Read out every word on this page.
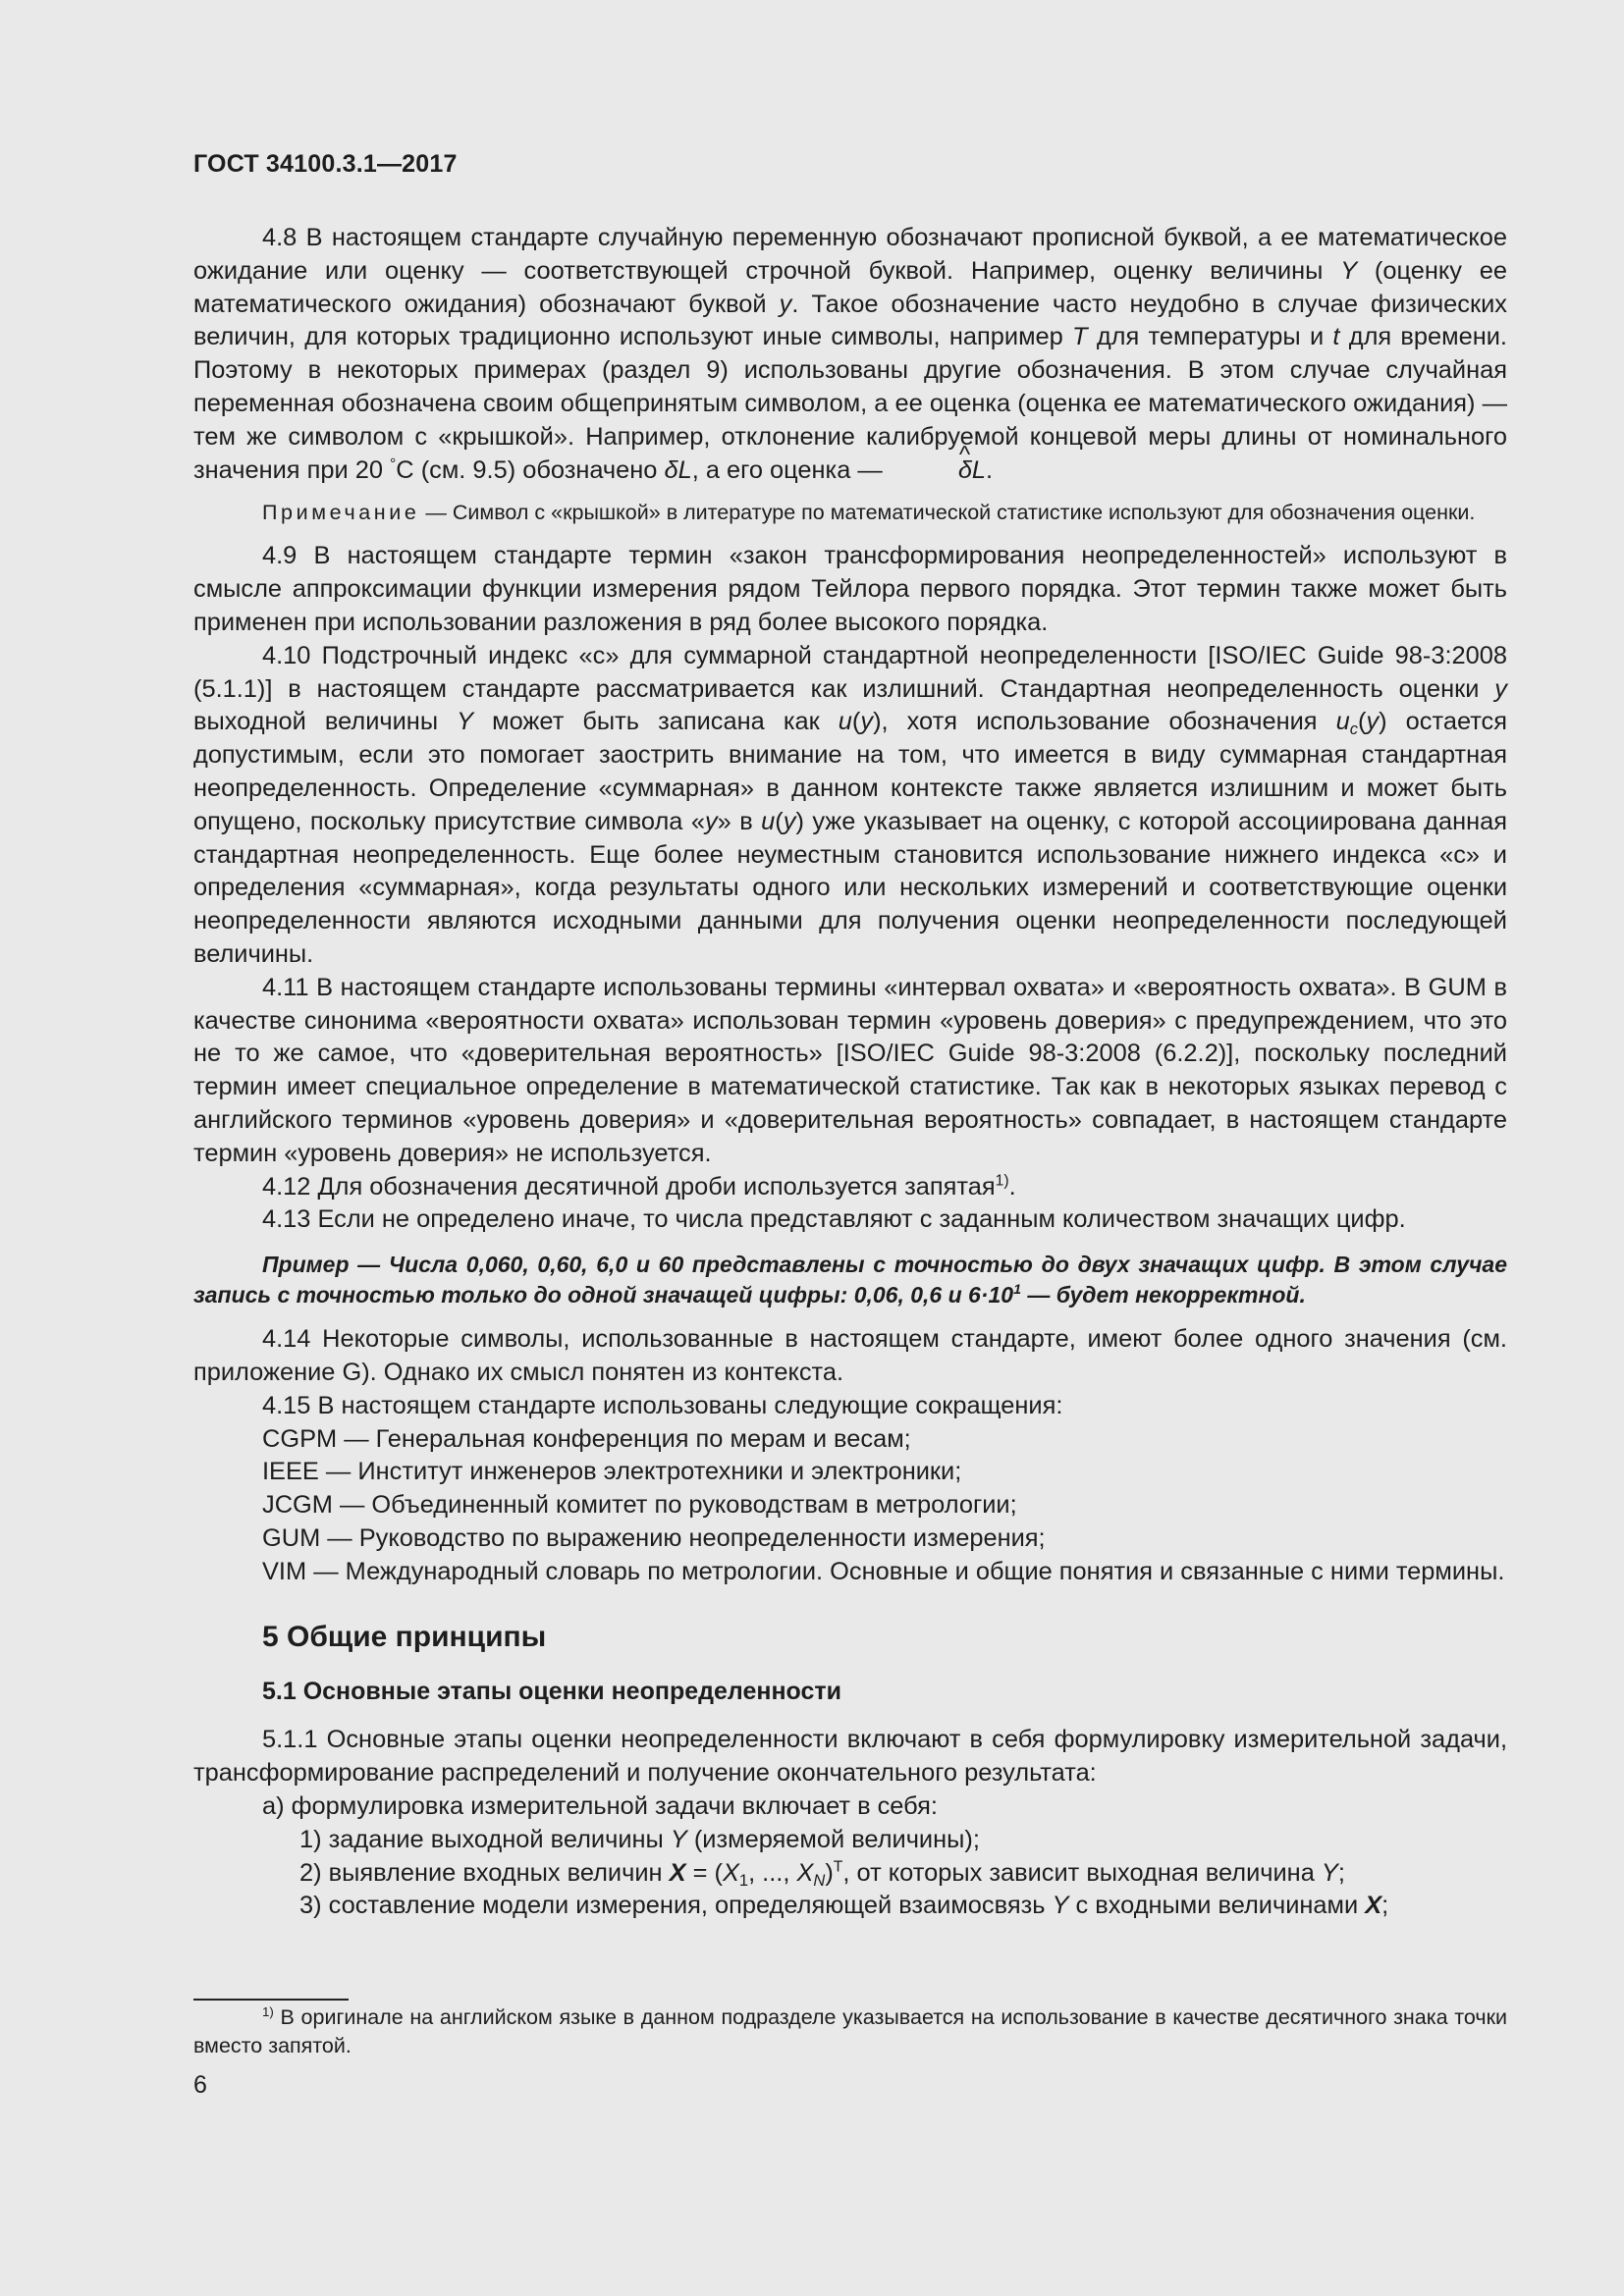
ГОСТ 34100.3.1—2017

4.8 В настоящем стандарте случайную переменную обозначают прописной буквой, а ее математическое ожидание или оценку — соответствующей строчной буквой. Например, оценку величины Y (оценку ее математического ожидания) обозначают буквой y. Такое обозначение часто неудобно в случае физических величин, для которых традиционно используют иные символы, например T для температуры и t для времени. Поэтому в некоторых примерах (раздел 9) использованы другие обозначения. В этом случае случайная переменная обозначена своим общепринятым символом, а ее оценка (оценка ее математического ожидания) — тем же символом с «крышкой». Например, отклонение калибруемой концевой меры длины от номинального значения при 20 °C (см. 9.5) обозначено δL, а его оценка — ^	δL.

Примечание — Символ с «крышкой» в литературе по математической статистике используют для обозначения оценки.

4.9 В настоящем стандарте термин «закон трансформирования неопределенностей» используют в смысле аппроксимации функции измерения рядом Тейлора первого порядка. Этот термин также может быть применен при использовании разложения в ряд более высокого порядка.

4.10 Подстрочный индекс «c» для суммарной стандартной неопределенности [ISO/IEC Guide 98-3:2008 (5.1.1)] в настоящем стандарте рассматривается как излишний. Стандартная неопределенность оценки y выходной величины Y может быть записана как u(y), хотя использование обозначения $u_c(y)$ остается допустимым, если это помогает заострить внимание на том, что имеется в виду суммарная стандартная неопределенность. Определение «суммарная» в данном контексте также является излишним и может быть опущено, поскольку присутствие символа «y» в u(y) уже указывает на оценку, с которой ассоциирована данная стандартная неопределенность. Еще более неуместным становится использование нижнего индекса «c» и определения «суммарная», когда результаты одного или нескольких измерений и соответствующие оценки неопределенности являются исходными данными для получения оценки неопределенности последующей величины.

4.11 В настоящем стандарте использованы термины «интервал охвата» и «вероятность охвата». В GUM в качестве синонима «вероятности охвата» использован термин «уровень доверия» с предупреждением, что это не то же самое, что «доверительная вероятность» [ISO/IEC Guide 98-3:2008 (6.2.2)], поскольку последний термин имеет специальное определение в математической статистике. Так как в некоторых языках перевод с английского терминов «уровень доверия» и «доверительная вероятность» совпадает, в настоящем стандарте термин «уровень доверия» не используется.

4.12 Для обозначения десятичной дроби используется запятая$^{1)}$.

4.13 Если не определено иначе, то числа представляют с заданным количеством значащих цифр.

Пример — Числа 0,060, 0,60, 6,0 и 60 представлены с точностью до двух значащих цифр. В этом случае запись с точностью только до одной значащей цифры: 0,06, 0,6 и $6\cdot 10^1$ — будет некорректной.

4.14 Некоторые символы, использованные в настоящем стандарте, имеют более одного значения (см. приложение G). Однако их смысл понятен из контекста.

4.15 В настоящем стандарте использованы следующие сокращения:

CGPM — Генеральная конференция по мерам и весам;

IEEE — Институт инженеров электротехники и электроники;

JCGM — Объединенный комитет по руководствам в метрологии;

GUM — Руководство по выражению неопределенности измерения;

VIM — Международный словарь по метрологии. Основные и общие понятия и связанные с ними термины.

5 Общие принципы

5.1 Основные этапы оценки неопределенности

5.1.1 Основные этапы оценки неопределенности включают в себя формулировку измерительной задачи, трансформирование распределений и получение окончательного результата:

а) формулировка измерительной задачи включает в себя:

1) задание выходной величины Y (измеряемой величины);

2) выявление входных величин $X = (X_1$, ..., $X_N)^T$, от которых зависит выходная величина Y;

3) составление модели измерения, определяющей взаимосвязь Y с входными величинами X;

$^{1)}$ В оригинале на английском языке в данном подразделе указывается на использование в качестве десятичного знака точки вместо запятой.
6
